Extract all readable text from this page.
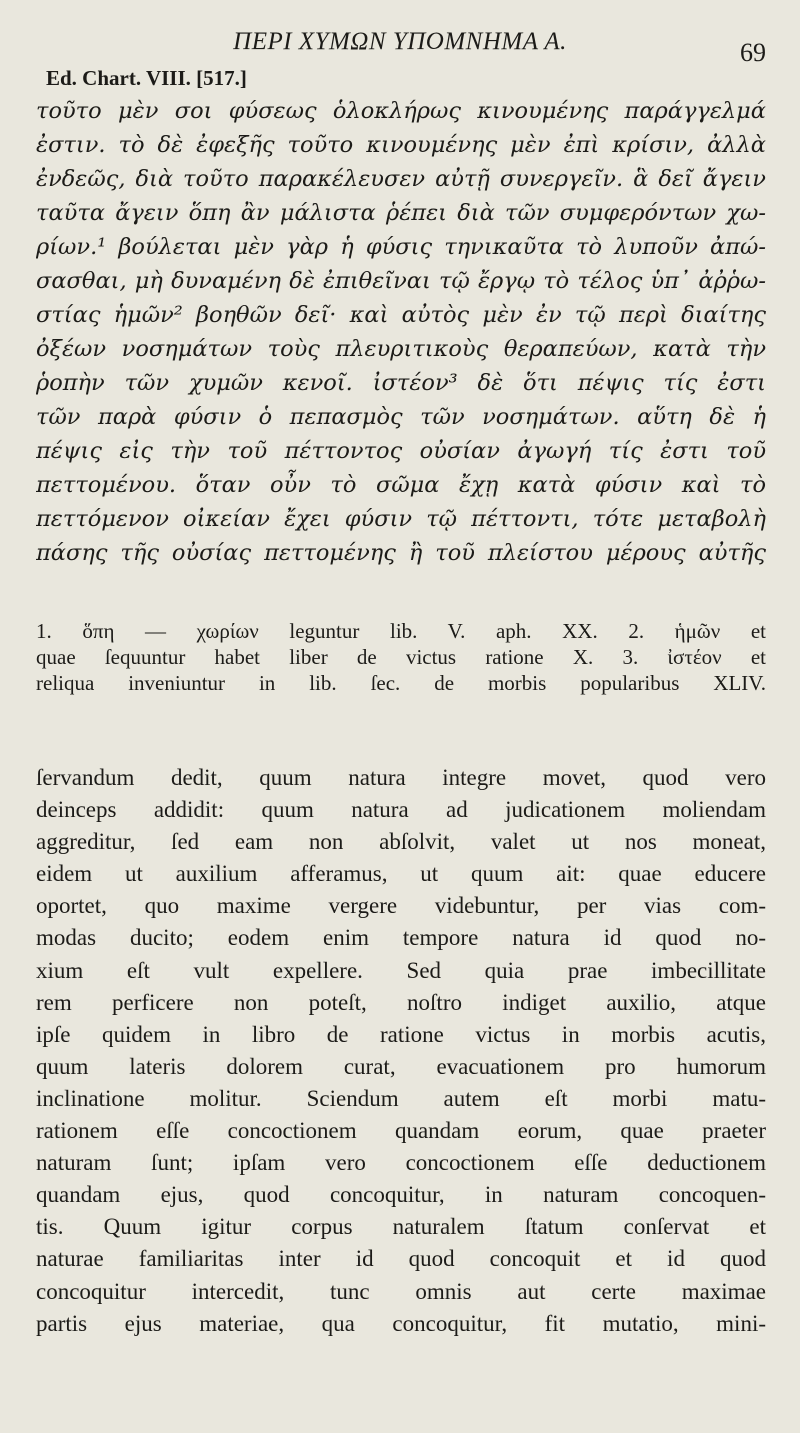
ΠΕΡΙ ΧΥΜΩΝ ΥΠΟΜΝΗΜΑ Α.	69
Ed. Chart. VIII. [517.]
τοῦτο μὲν σοι φύσεως ὁλοκλήρως κινουμένης παράγγελμά
ἐστιν. τὸ δὲ ἐφεξῆς τοῦτο κινουμένης μὲν ἐπὶ κρίσιν, ἀλλὰ
ἐνδεῶς, διὰ τοῦτο παρακέλευσεν αὐτῇ συνεργεῖν. ἃ δεῖ ἄγειν
ταῦτα ἄγειν ὅπη ἂν μάλιστα ῥέπει διὰ τῶν συμφερόντων χω-
ρίων.¹ βούλεται μὲν γὰρ ἡ φύσις τηνικαῦτα τὸ λυποῦν ἀπώ-
σασθαι, μὴ δυναμένη δὲ ἐπιθεῖναι τῷ ἔργῳ τὸ τέλος ὑπ᾽ ἀῤῥω-
στίας ἡμῶν² βοηθῶν δεῖ· καὶ αὐτὸς μὲν ἐν τῷ περὶ διαίτης
ὀξέων νοσημάτων τοὺς πλευριτικοὺς θεραπεύων, κατὰ τὴν
ῥοπὴν τῶν χυμῶν κενοῖ. ἰστέον³ δὲ ὅτι πέψις τίς ἐστι
τῶν παρὰ φύσιν ὁ πεπασμὸς τῶν νοσημάτων. αὕτη δὲ ἡ
πέψις εἰς τὴν τοῦ πέττοντος οὐσίαν ἀγωγή τίς ἐστι τοῦ
πεττομένου. ὅταν οὖν τὸ σῶμα ἔχῃ κατὰ φύσιν καὶ τὸ
πεττόμενον οἰκείαν ἔχει φύσιν τῷ πέττοντι, τότε μεταβολὴ
πάσης τῆς οὐσίας πεττομένης ἢ τοῦ πλείστου μέρους αὐτῆς
1. ὅπη — χωρίων leguntur lib. V. aph. XX. 2. ἡμῶν et
quae ſequuntur habet liber de victus ratione X. 3. ἰστέον et
reliqua inveniuntur in lib. ſec. de morbis popularibus XLIV.
ſervandum dedit, quum natura integre movet, quod vero
deinceps addidit: quum natura ad judicationem moliendam
aggreditur, ſed eam non abſolvit, valet ut nos moneat,
eidem ut auxilium afferamus, ut quum ait: quae educere
oportet, quo maxime vergere videbuntur, per vias com-
modas ducito; eodem enim tempore natura id quod no-
xium eſt vult expellere. Sed quia prae imbecillitate
rem perficere non poteſt, noſtro indiget auxilio, atque
ipſe quidem in libro de ratione victus in morbis acutis,
quum lateris dolorem curat, evacuationem pro humorum
inclinatione molitur. Sciendum autem eſt morbi matu-
rationem eſſe concoctionem quandam eorum, quae praeter
naturam ſunt; ipſam vero concoctionem eſſe deductionem
quandam ejus, quod concoquitur, in naturam concoquen-
tis. Quum igitur corpus naturalem ſtatum conſervat et
naturae familiaritas inter id quod concoquit et id quod
concoquitur intercedit, tunc omnis aut certe maximae
partis ejus materiae, qua concoquitur, fit mutatio, mini-
